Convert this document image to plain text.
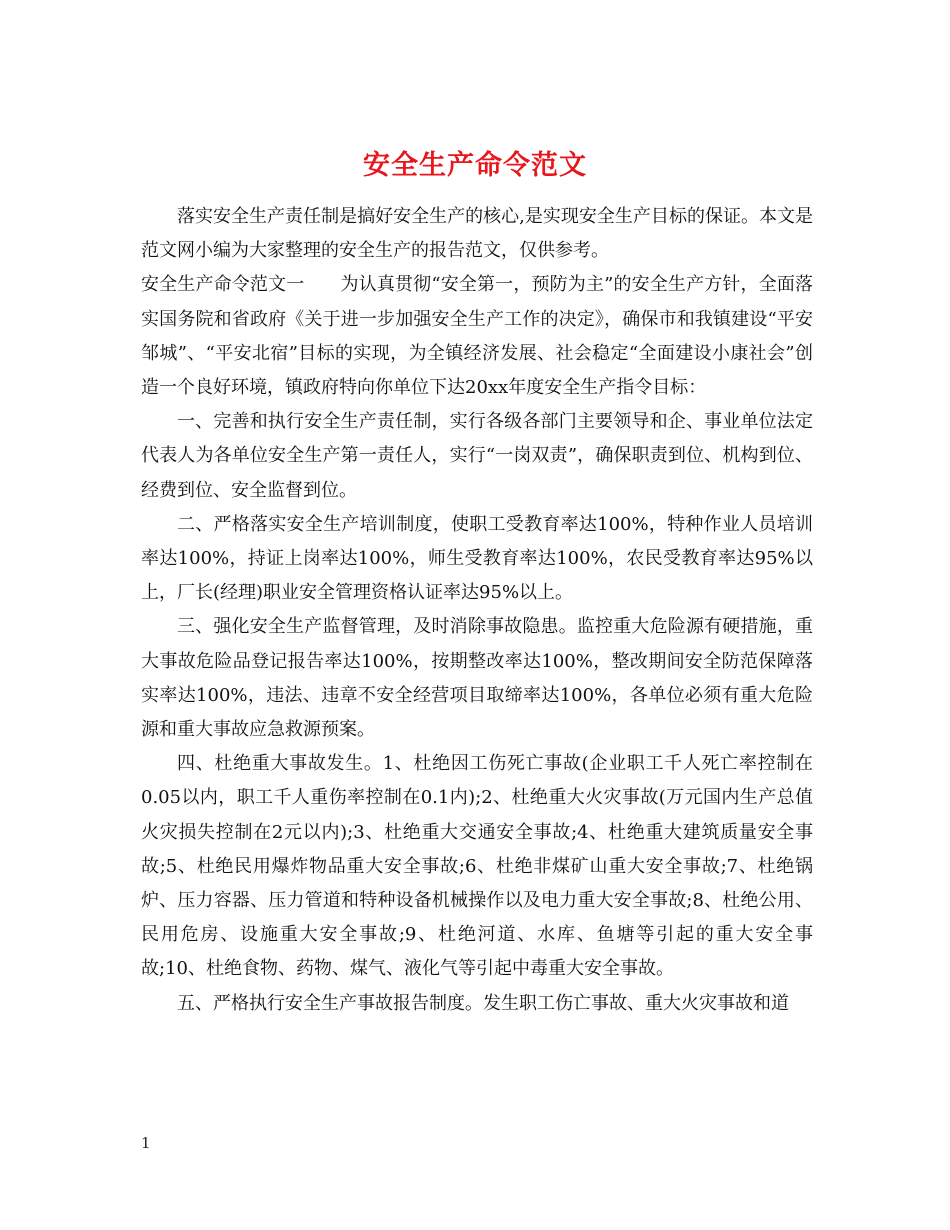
安全生产命令范文

落实安全生产责任制是搞好安全生产的核心,是实现安全生产目标的保证。本文是范文网小编为大家整理的安全生产的报告范文，仅供参考。

安全生产命令范文一 为认真贯彻“安全第一，预防为主”的安全生产方针，全面落实国务院和省政府《关于进一步加强安全生产工作的决定》，确保市和我镇建设“平安邹城”、“平安北宿”目标的实现，为全镇经济发展、社会稳定“全面建设小康社会”创造一个良好环境，镇政府特向你单位下达20xx年度安全生产指令目标：

一、完善和执行安全生产责任制，实行各级各部门主要领导和企、事业单位法定代表人为各单位安全生产第一责任人，实行“一岗双责”，确保职责到位、机构到位、经费到位、安全监督到位。

二、严格落实安全生产培训制度，使职工受教育率达100%，特种作业人员培训率达100%，持证上岗率达100%，师生受教育率达100%，农民受教育率达95%以上，厂长(经理)职业安全管理资格认证率达95%以上。

三、强化安全生产监督管理，及时消除事故隐患。监控重大危险源有硬措施，重大事故危险品登记报告率达100%，按期整改率达100%，整改期间安全防范保障落实率达100%，违法、违章不安全经营项目取缔率达100%，各单位必须有重大危险源和重大事故应急救源预案。

四、杜绝重大事故发生。1、杜绝因工伤死亡事故(企业职工千人死亡率控制在0.05以内，职工千人重伤率控制在0.1内);2、杜绝重大火灾事故(万元国内生产总值火灾损失控制在2元以内);3、杜绝重大交通安全事故;4、杜绝重大建筑质量安全事故;5、杜绝民用爆炸物品重大安全事故;6、杜绝非煤矿山重大安全事故;7、杜绝锅炉、压力容器、压力管道和特种设备机械操作以及电力重大安全事故;8、杜绝公用、民用危房、设施重大安全事故;9、杜绝河道、水库、鱼塘等引起的重大安全事故;10、杜绝食物、药物、煤气、液化气等引起中毒重大安全事故。

五、严格执行安全生产事故报告制度。发生职工伤亡事故、重大火灾事故和道

1
